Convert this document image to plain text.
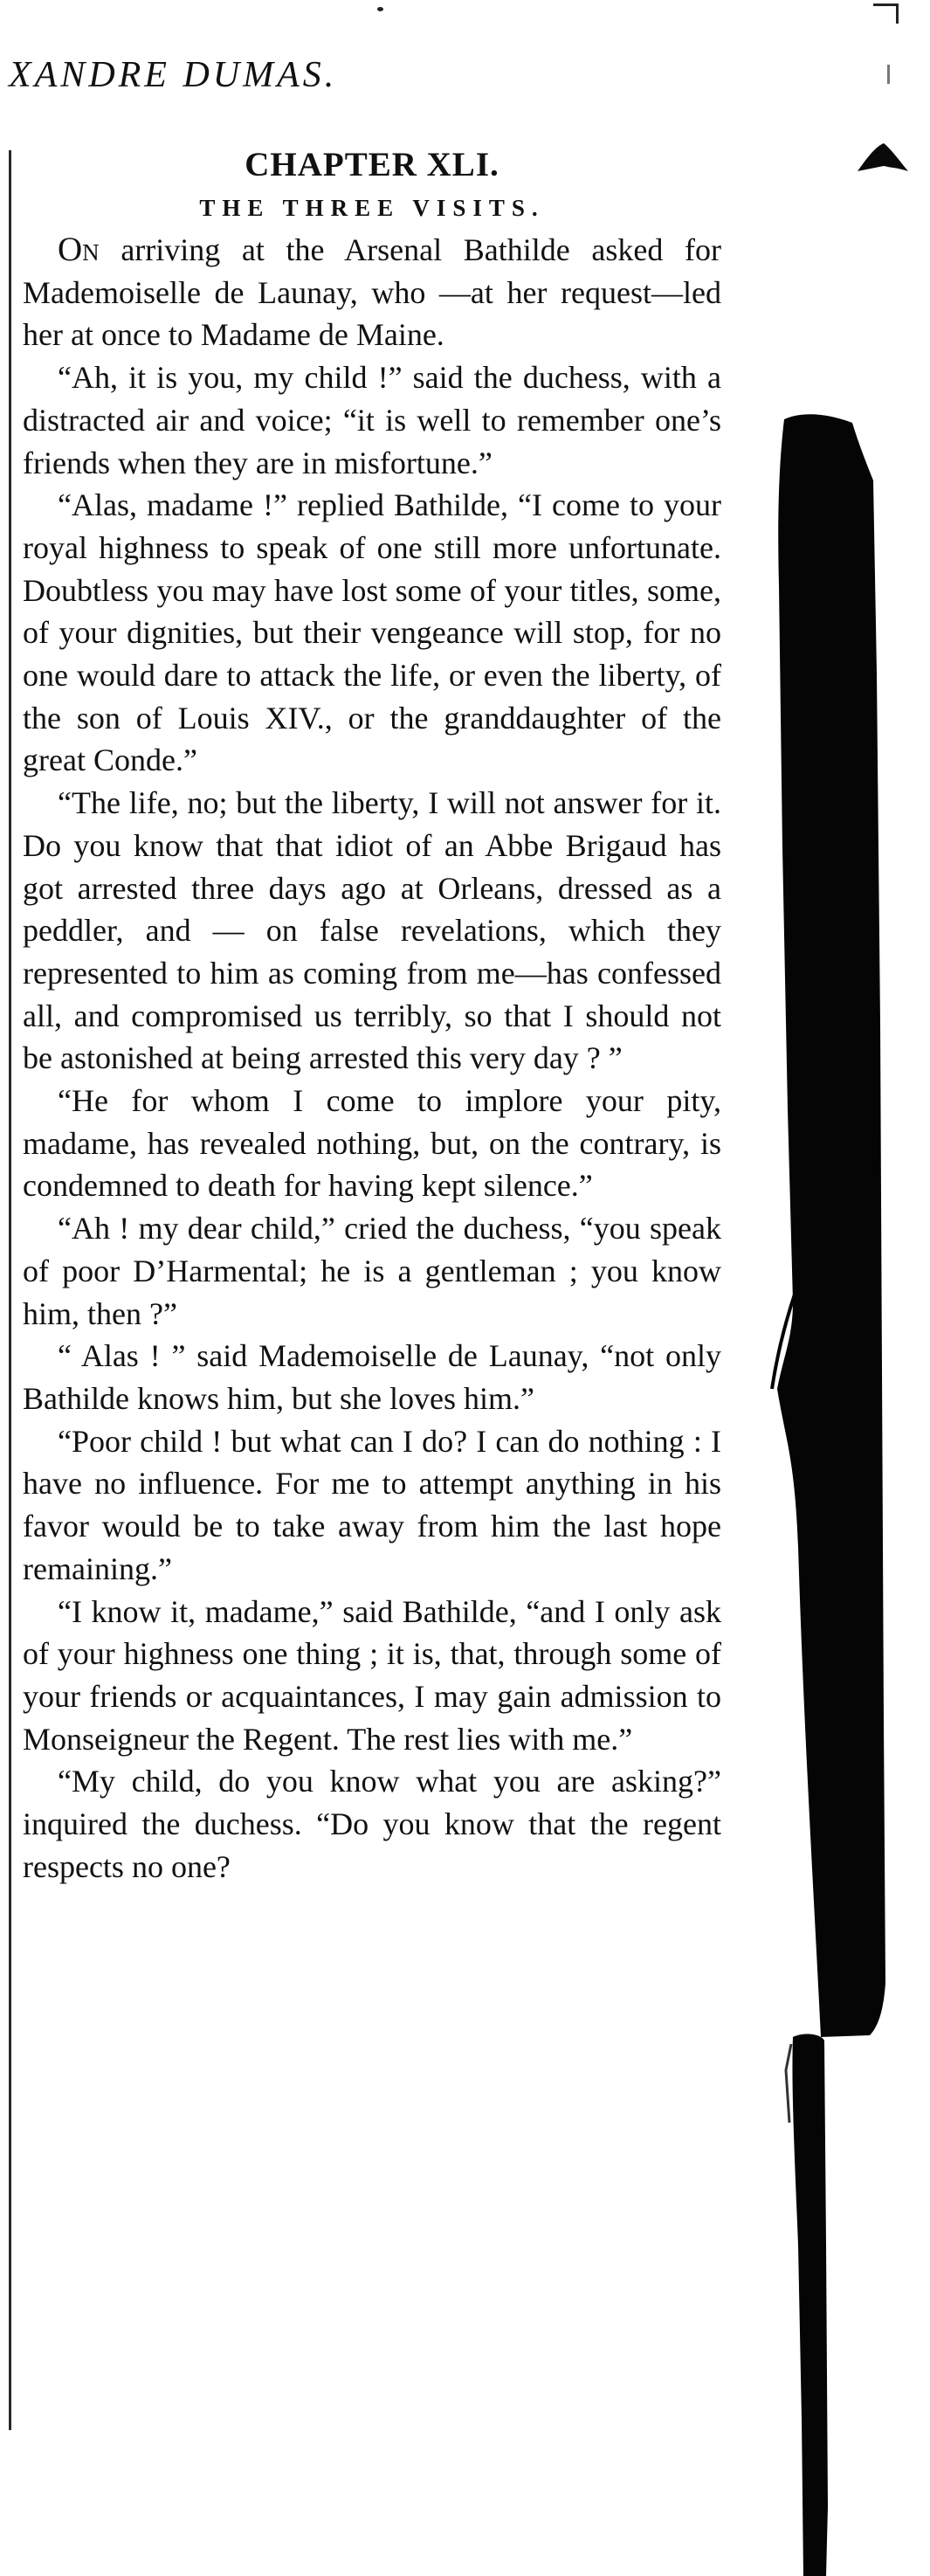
XANDRE DUMAS.
CHAPTER XLI.
THE THREE VISITS.

On arriving at the Arsenal Bathilde asked for Mademoiselle de Launay, who —at her request—led her at once to Madame de Maine.

“Ah, it is you, my child !” said the duchess, with a distracted air and voice; “it is well to remember one’s friends when they are in misfortune.”

“Alas, madame !” replied Bathilde, “I come to your royal highness to speak of one still more unfortunate. Doubtless you may have lost some of your titles, some, of your dignities, but their vengeance will stop, for no one would dare to attack the life, or even the liberty, of the son of Louis XIV., or the granddaughter of the great Conde.”

“The life, no; but the liberty, I will not answer for it. Do you know that that idiot of an Abbe Brigaud has got arrested three days ago at Orleans, dressed as a peddler, and — on false revelations, which they represented to him as coming from me—has confessed all, and compromised us terribly, so that I should not be astonished at being arrested this very day ? ”

“He for whom I come to implore your pity, madame, has revealed nothing, but, on the contrary, is condemned to death for having kept silence.”

“Ah ! my dear child,” cried the duchess, “you speak of poor D’Harmental; he is a gentleman ; you know him, then ?”

“ Alas ! ” said Mademoiselle de Launay, “not only Bathilde knows him, but she loves him.”

“Poor child ! but what can I do? I can do nothing : I have no influence. For me to attempt anything in his favor would be to take away from him the last hope remaining.”

“I know it, madame,” said Bathilde, “and I only ask of your highness one thing ; it is, that, through some of your friends or acquaintances, I may gain admission to Monseigneur the Regent. The rest lies with me.”

“My child, do you know what you are asking?” inquired the duchess. “Do you know that the regent respects no one?
